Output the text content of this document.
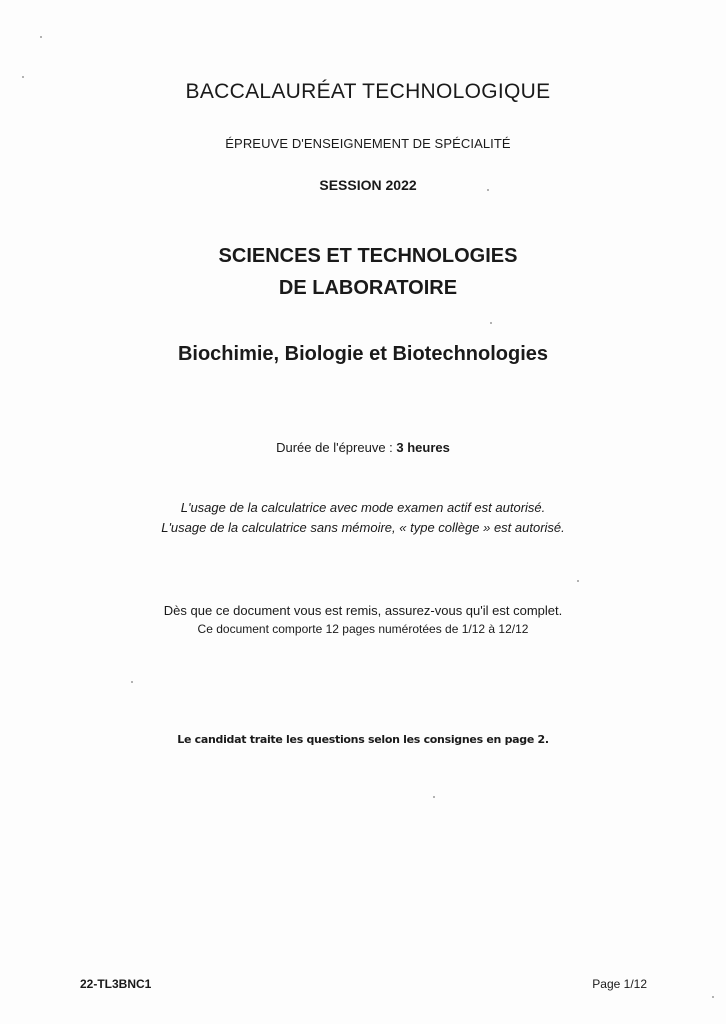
BACCALAURÉAT TECHNOLOGIQUE
ÉPREUVE D'ENSEIGNEMENT DE SPÉCIALITÉ
SESSION 2022
SCIENCES ET TECHNOLOGIES
DE LABORATOIRE
Biochimie, Biologie et Biotechnologies
Durée de l'épreuve : 3 heures
L'usage de la calculatrice avec mode examen actif est autorisé.
L'usage de la calculatrice sans mémoire, « type collège » est autorisé.
Dès que ce document vous est remis, assurez-vous qu'il est complet.
Ce document comporte 12 pages numérotées de 1/12 à 12/12
Le candidat traite les questions selon les consignes en page 2.
22-TL3BNC1	Page 1/12
